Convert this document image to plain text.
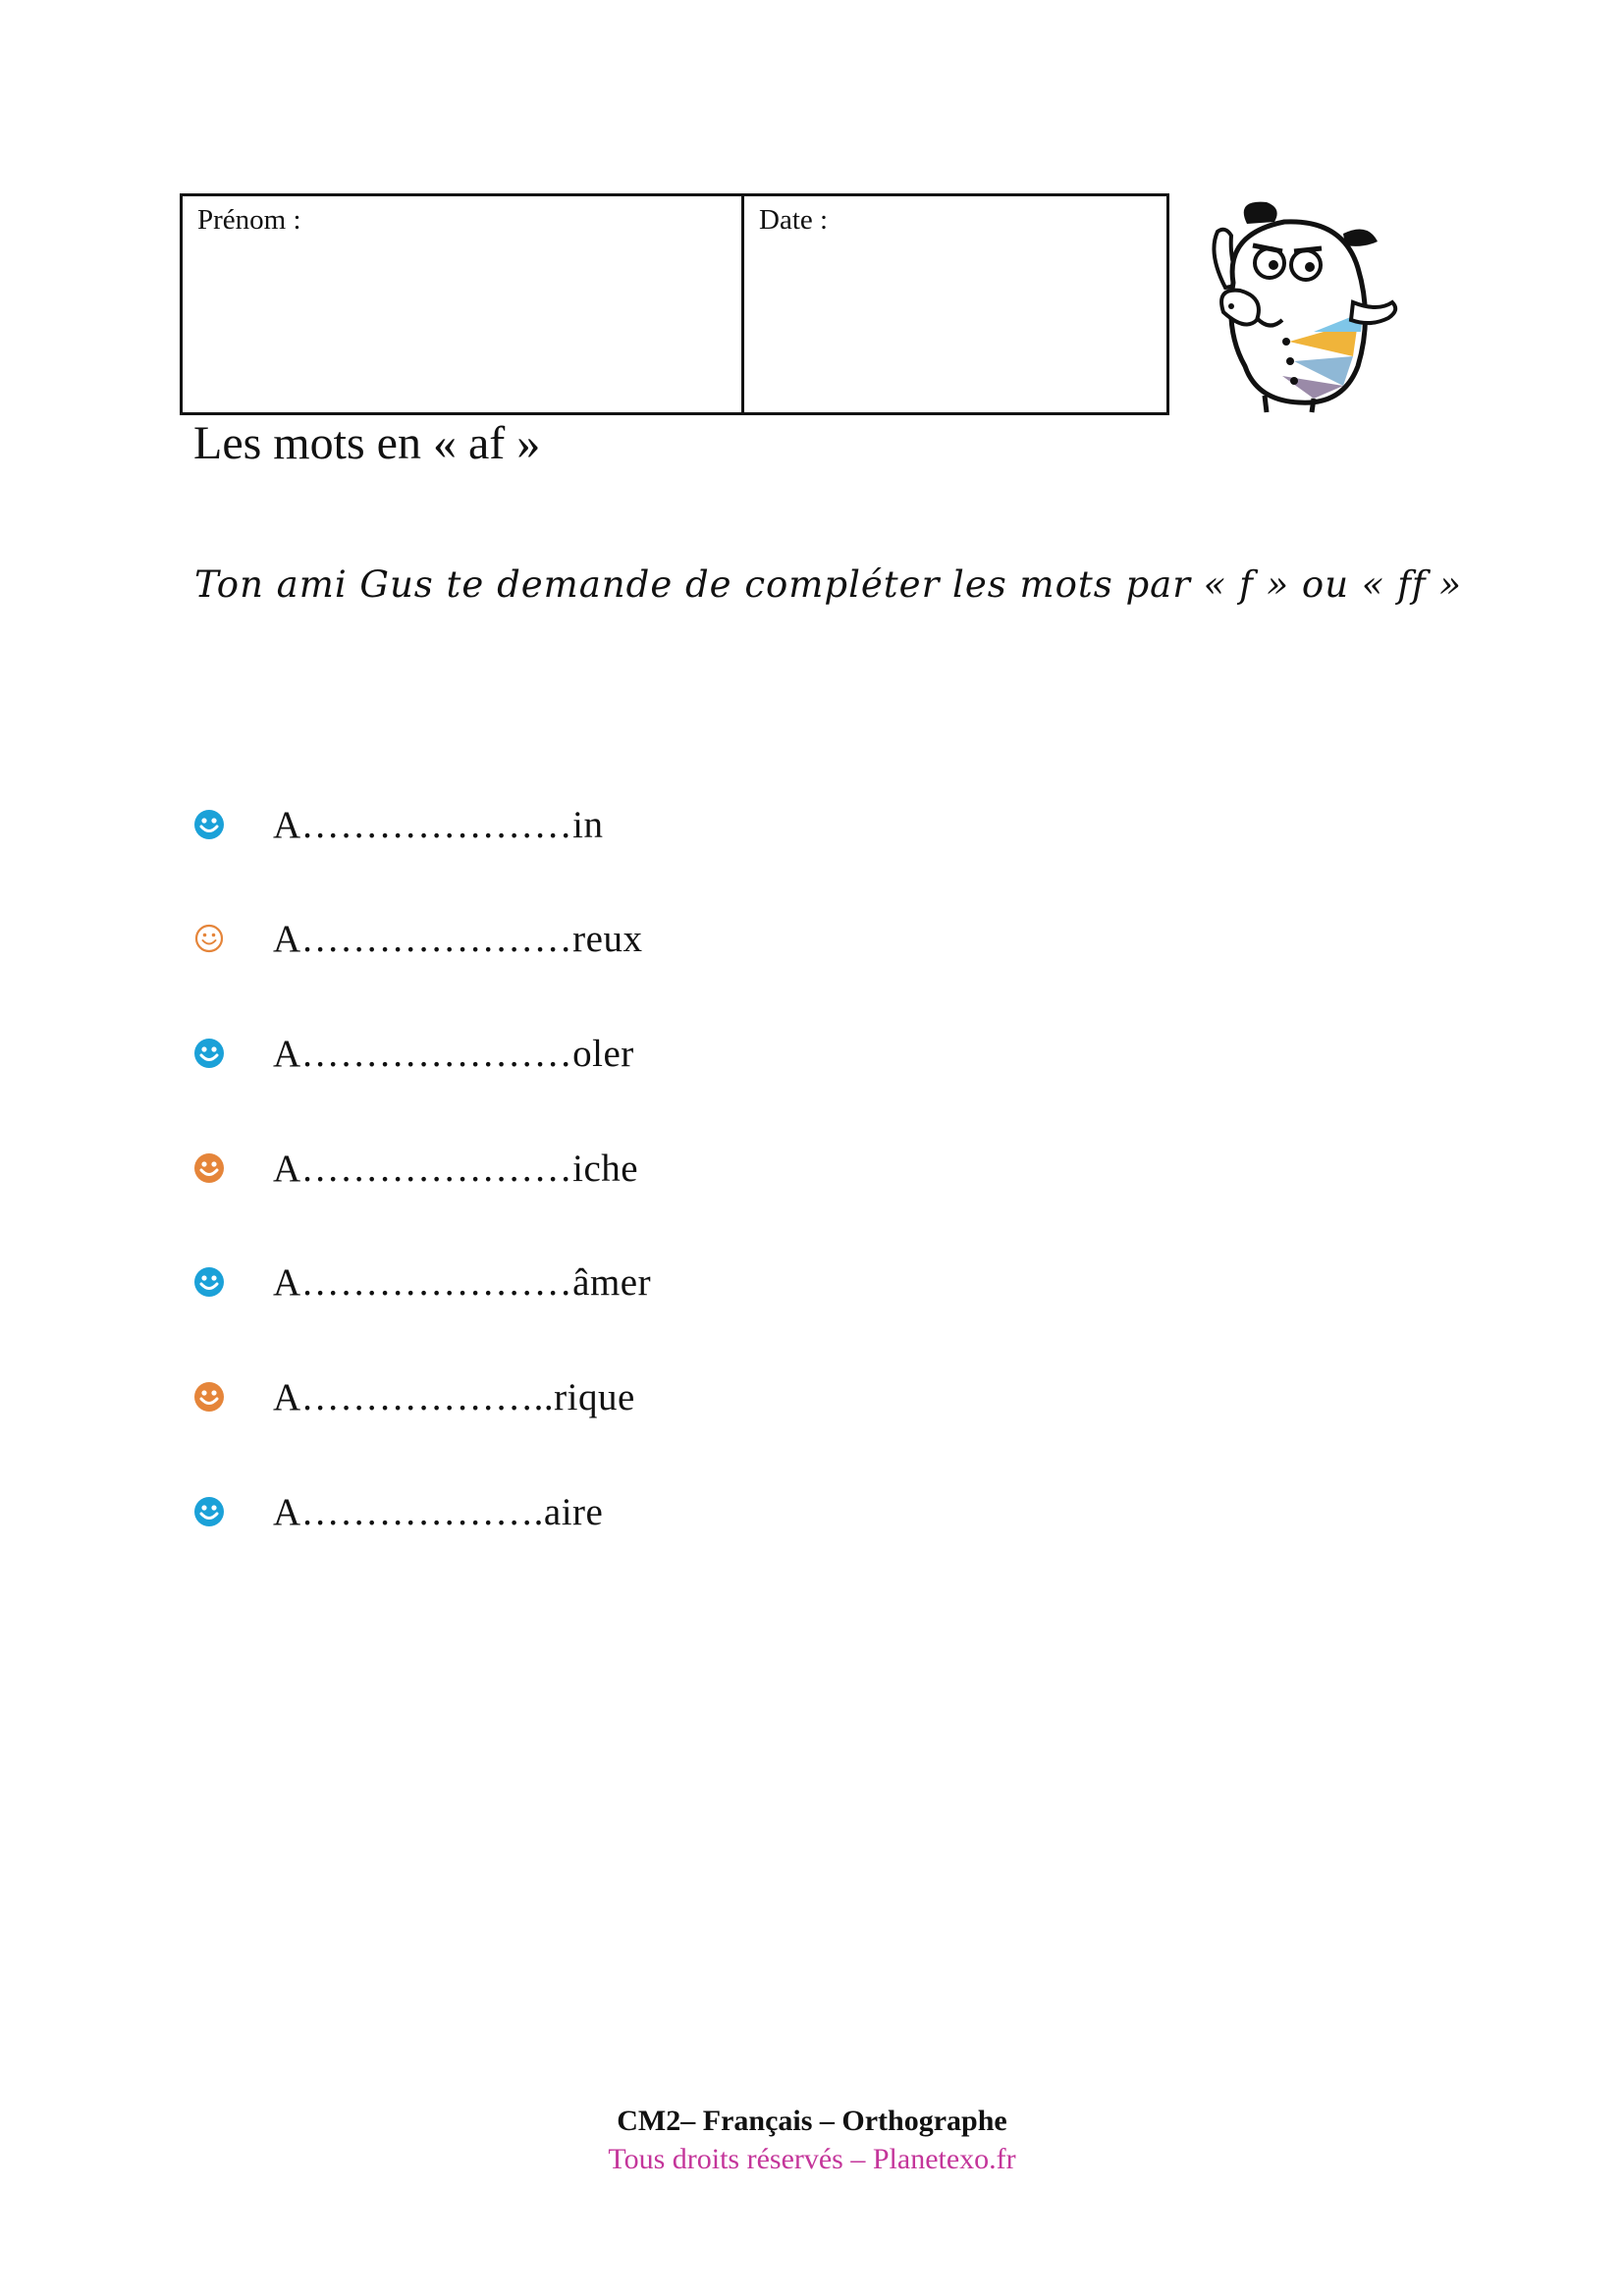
Prénom :	Date :
Les mots en « af »
Ton ami Gus te demande de compléter les mots par « f » ou « ff »
A…………………in
A…………………reux
A…………………oler
A…………………iche
A…………………âmer
A………………..rique
A……………….aire
CM2– Français – Orthographe
Tous droits réservés – Planetexo.fr
